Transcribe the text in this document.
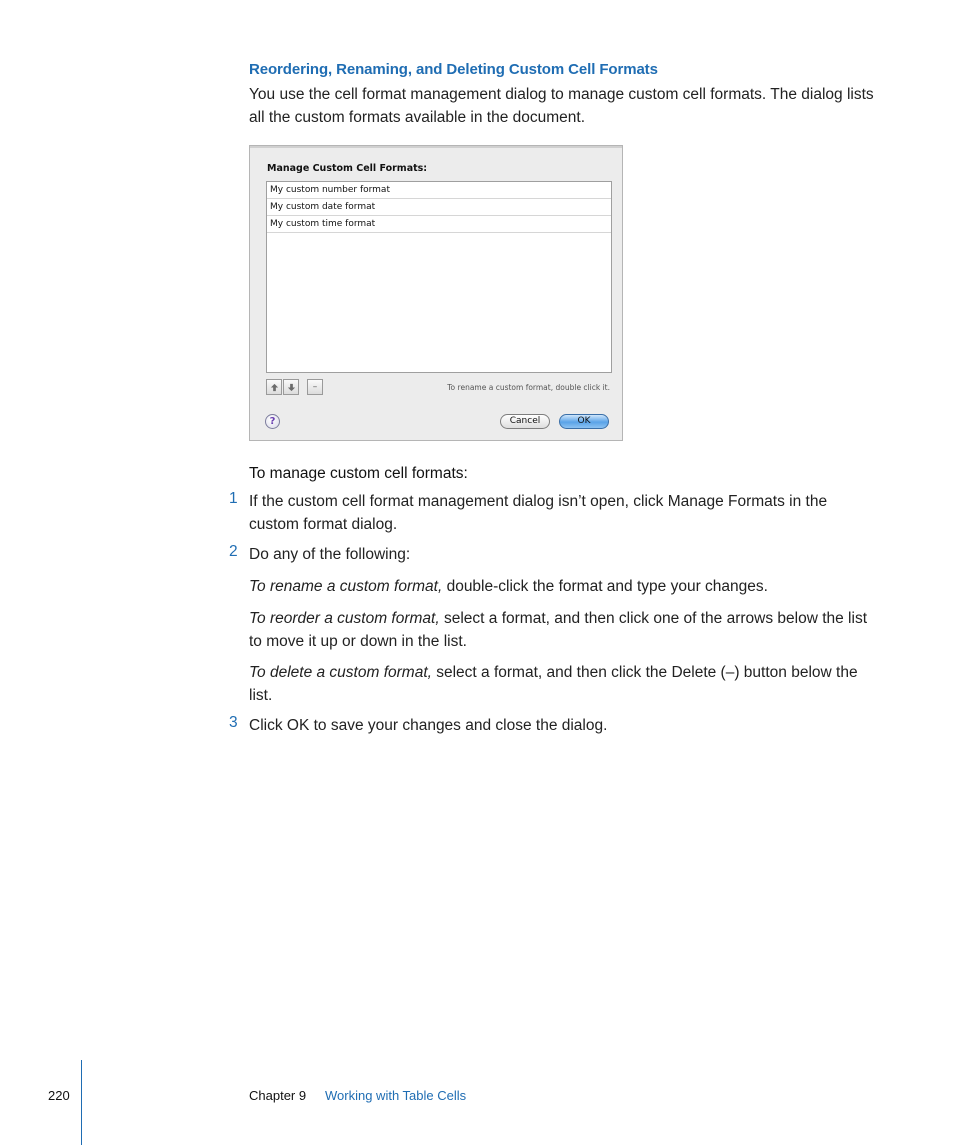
Reordering, Renaming, and Deleting Custom Cell Formats
You use the cell format management dialog to manage custom cell formats. The dialog lists all the custom formats available in the document.
Manage Custom Cell Formats:
My custom number format
My custom date format
My custom time format
–	To rename a custom format, double click it.
?	Cancel	OK
To manage custom cell formats:
1 If the custom cell format management dialog isn’t open, click Manage Formats in the custom format dialog.
2 Do any of the following:
To rename a custom format, double-click the format and type your changes.
To reorder a custom format, select a format, and then click one of the arrows below the list to move it up or down in the list.
To delete a custom format, select a format, and then click the Delete (–) button below the list.
3 Click OK to save your changes and close the dialog.
220	Chapter 9 Working with Table Cells
